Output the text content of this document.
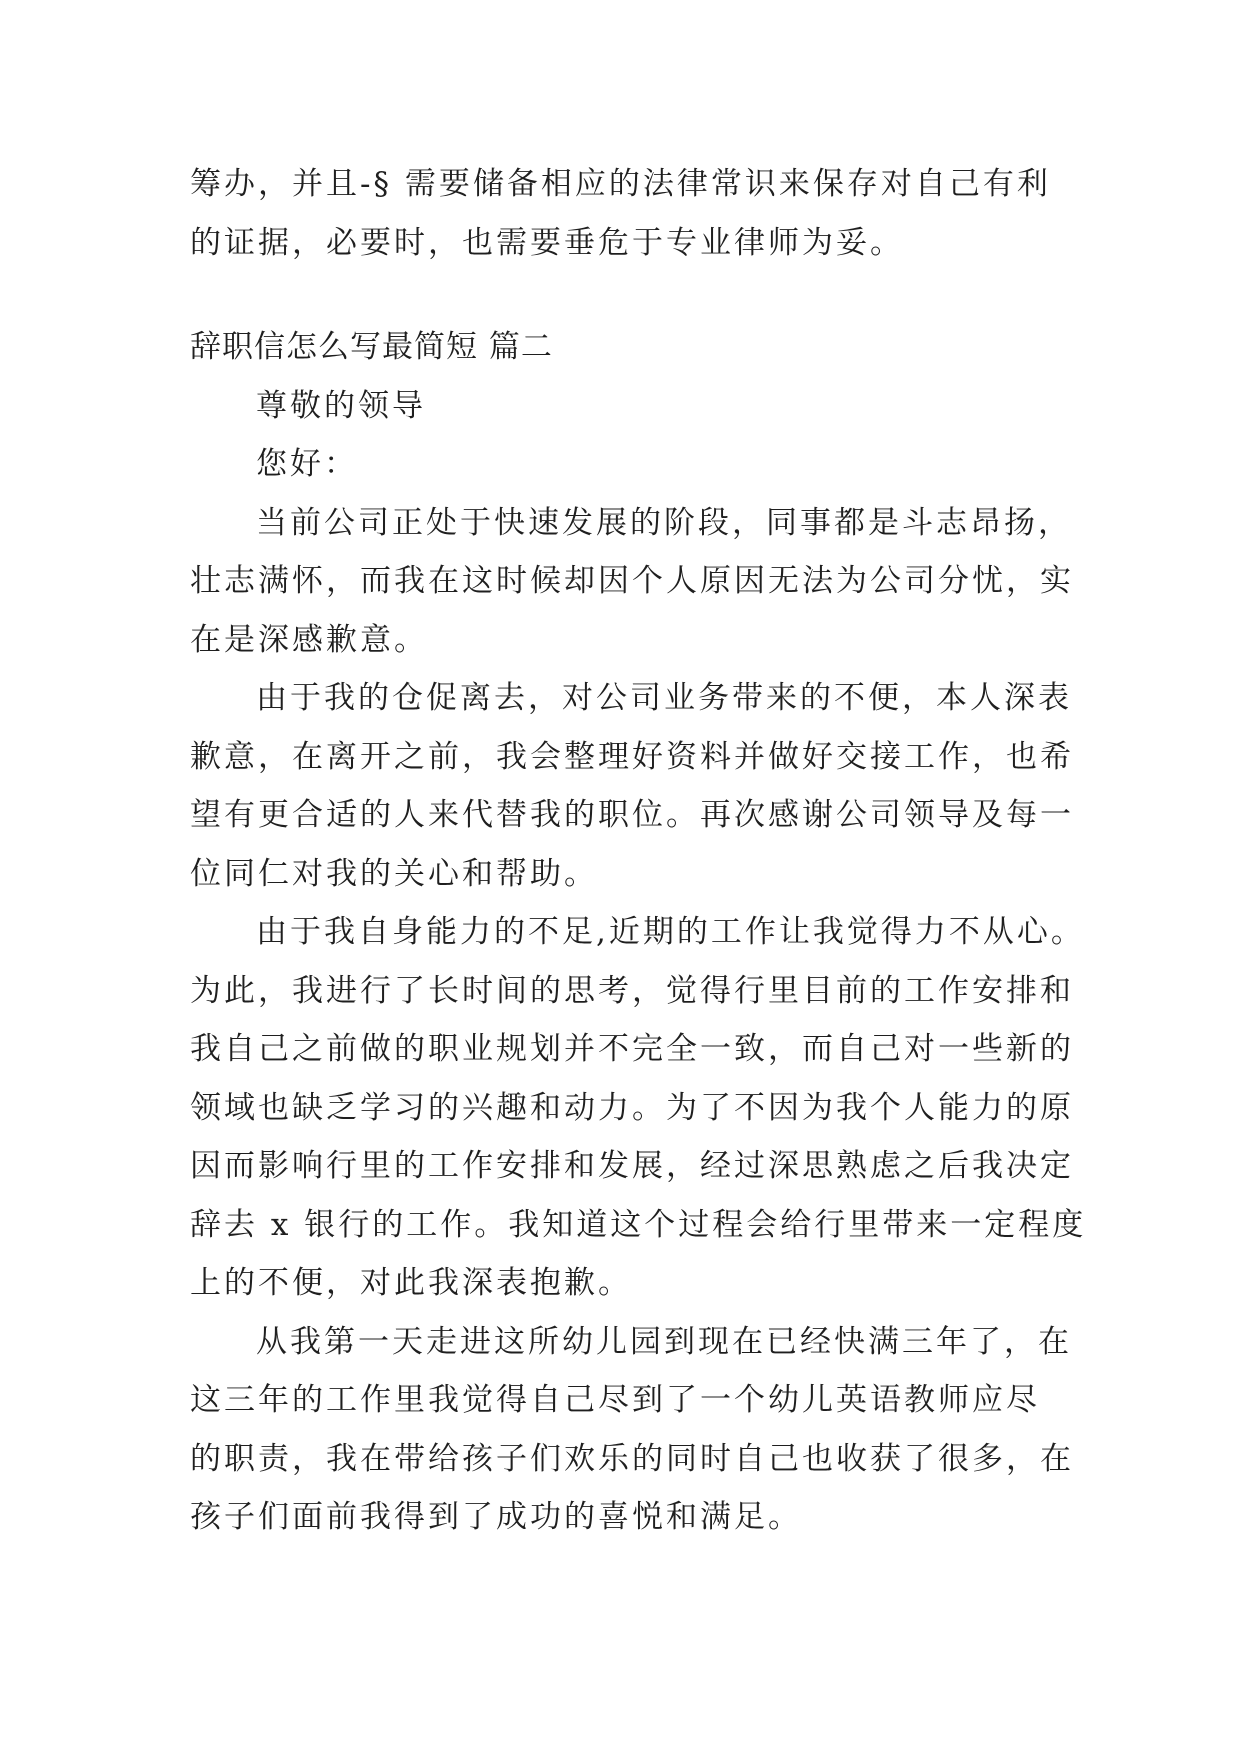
筹办，并且-§ 需要储备相应的法律常识来保存对自己有利
的证据，必要时，也需要垂危于专业律师为妥。
辞职信怎么写最简短 篇二
尊敬的领导
您好：
当前公司正处于快速发展的阶段，同事都是斗志昂扬，
壮志满怀，而我在这时候却因个人原因无法为公司分忧，实
在是深感歉意。
由于我的仓促离去，对公司业务带来的不便，本人深表
歉意，在离开之前，我会整理好资料并做好交接工作，也希
望有更合适的人来代替我的职位。再次感谢公司领导及每一
位同仁对我的关心和帮助。
由于我自身能力的不足,近期的工作让我觉得力不从心。
为此，我进行了长时间的思考，觉得行里目前的工作安排和
我自己之前做的职业规划并不完全一致，而自己对一些新的
领域也缺乏学习的兴趣和动力。为了不因为我个人能力的原
因而影响行里的工作安排和发展，经过深思熟虑之后我决定
辞去 x 银行的工作。我知道这个过程会给行里带来一定程度
上的不便，对此我深表抱歉。
从我第一天走进这所幼儿园到现在已经快满三年了，在
这三年的工作里我觉得自己尽到了一个幼儿英语教师应尽
的职责，我在带给孩子们欢乐的同时自己也收获了很多，在
孩子们面前我得到了成功的喜悦和满足。
